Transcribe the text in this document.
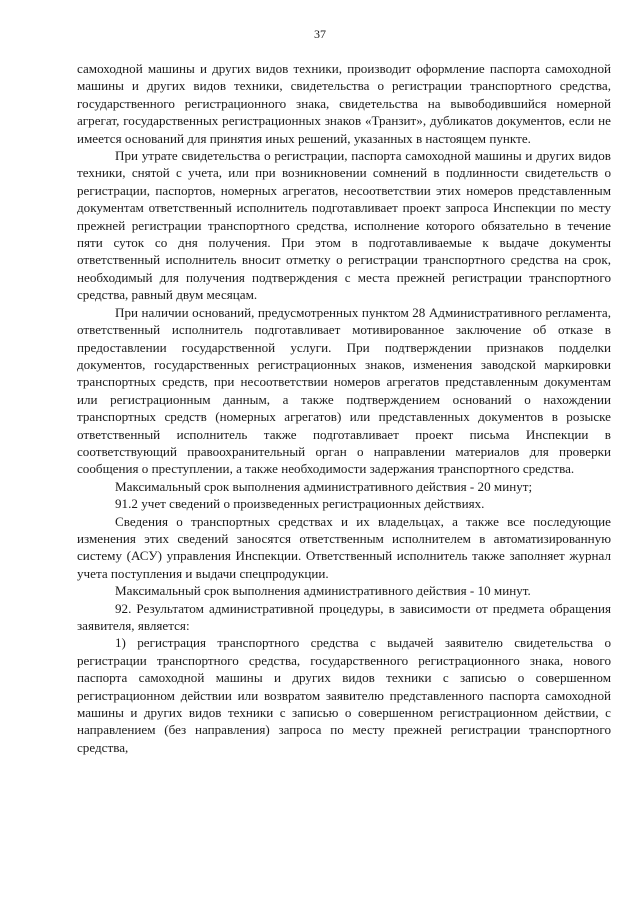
37

самоходной машины и других видов техники, производит оформление паспорта самоходной машины и других видов техники, свидетельства о регистрации транспортного средства, государственного регистрационного знака, свидетельства на вывободившийся номерной агрегат, государственных регистрационных знаков «Транзит», дубликатов документов, если не имеется оснований для принятия иных решений, указанных в настоящем пункте.

При утрате свидетельства о регистрации, паспорта самоходной машины и других видов техники, снятой с учета, или при возникновении сомнений в подлинности свидетельств о регистрации, паспортов, номерных агрегатов, несоответствии этих номеров представленным документам ответственный исполнитель подготавливает проект запроса Инспекции по месту прежней регистрации транспортного средства, исполнение которого обязательно в течение пяти суток со дня получения. При этом в подготавливаемые к выдаче документы ответственный исполнитель вносит отметку о регистрации транспортного средства на срок, необходимый для получения подтверждения с места прежней регистрации транспортного средства, равный двум месяцам.

При наличии оснований, предусмотренных пунктом 28 Административного регламента, ответственный исполнитель подготавливает мотивированное заключение об отказе в предоставлении государственной услуги. При подтверждении признаков подделки документов, государственных регистрационных знаков, изменения заводской маркировки транспортных средств, при несоответствии номеров агрегатов представленным документам или регистрационным данным, а также подтверждением оснований о нахождении транспортных средств (номерных агрегатов) или представленных документов в розыске ответственный исполнитель также подготавливает проект письма Инспекции в соответствующий правоохранительный орган о направлении материалов для проверки сообщения о преступлении, а также необходимости задержания транспортного средства.

Максимальный срок выполнения административного действия - 20 минут;

91.2 учет сведений о произведенных регистрационных действиях.

Сведения о транспортных средствах и их владельцах, а также все последующие изменения этих сведений заносятся ответственным исполнителем в автоматизированную систему (АСУ) управления Инспекции. Ответственный исполнитель также заполняет журнал учета поступления и выдачи спецпродукции.

Максимальный срок выполнения административного действия - 10 минут.

92. Результатом административной процедуры, в зависимости от предмета обращения заявителя, является:

1) регистрация транспортного средства с выдачей заявителю свидетельства о регистрации транспортного средства, государственного регистрационного знака, нового паспорта самоходной машины и других видов техники с записью о совершенном регистрационном действии или возвратом заявителю представленного паспорта самоходной машины и других видов техники с записью о совершенном регистрационном действии, с направлением (без направления) запроса по месту прежней регистрации транспортного средства,
